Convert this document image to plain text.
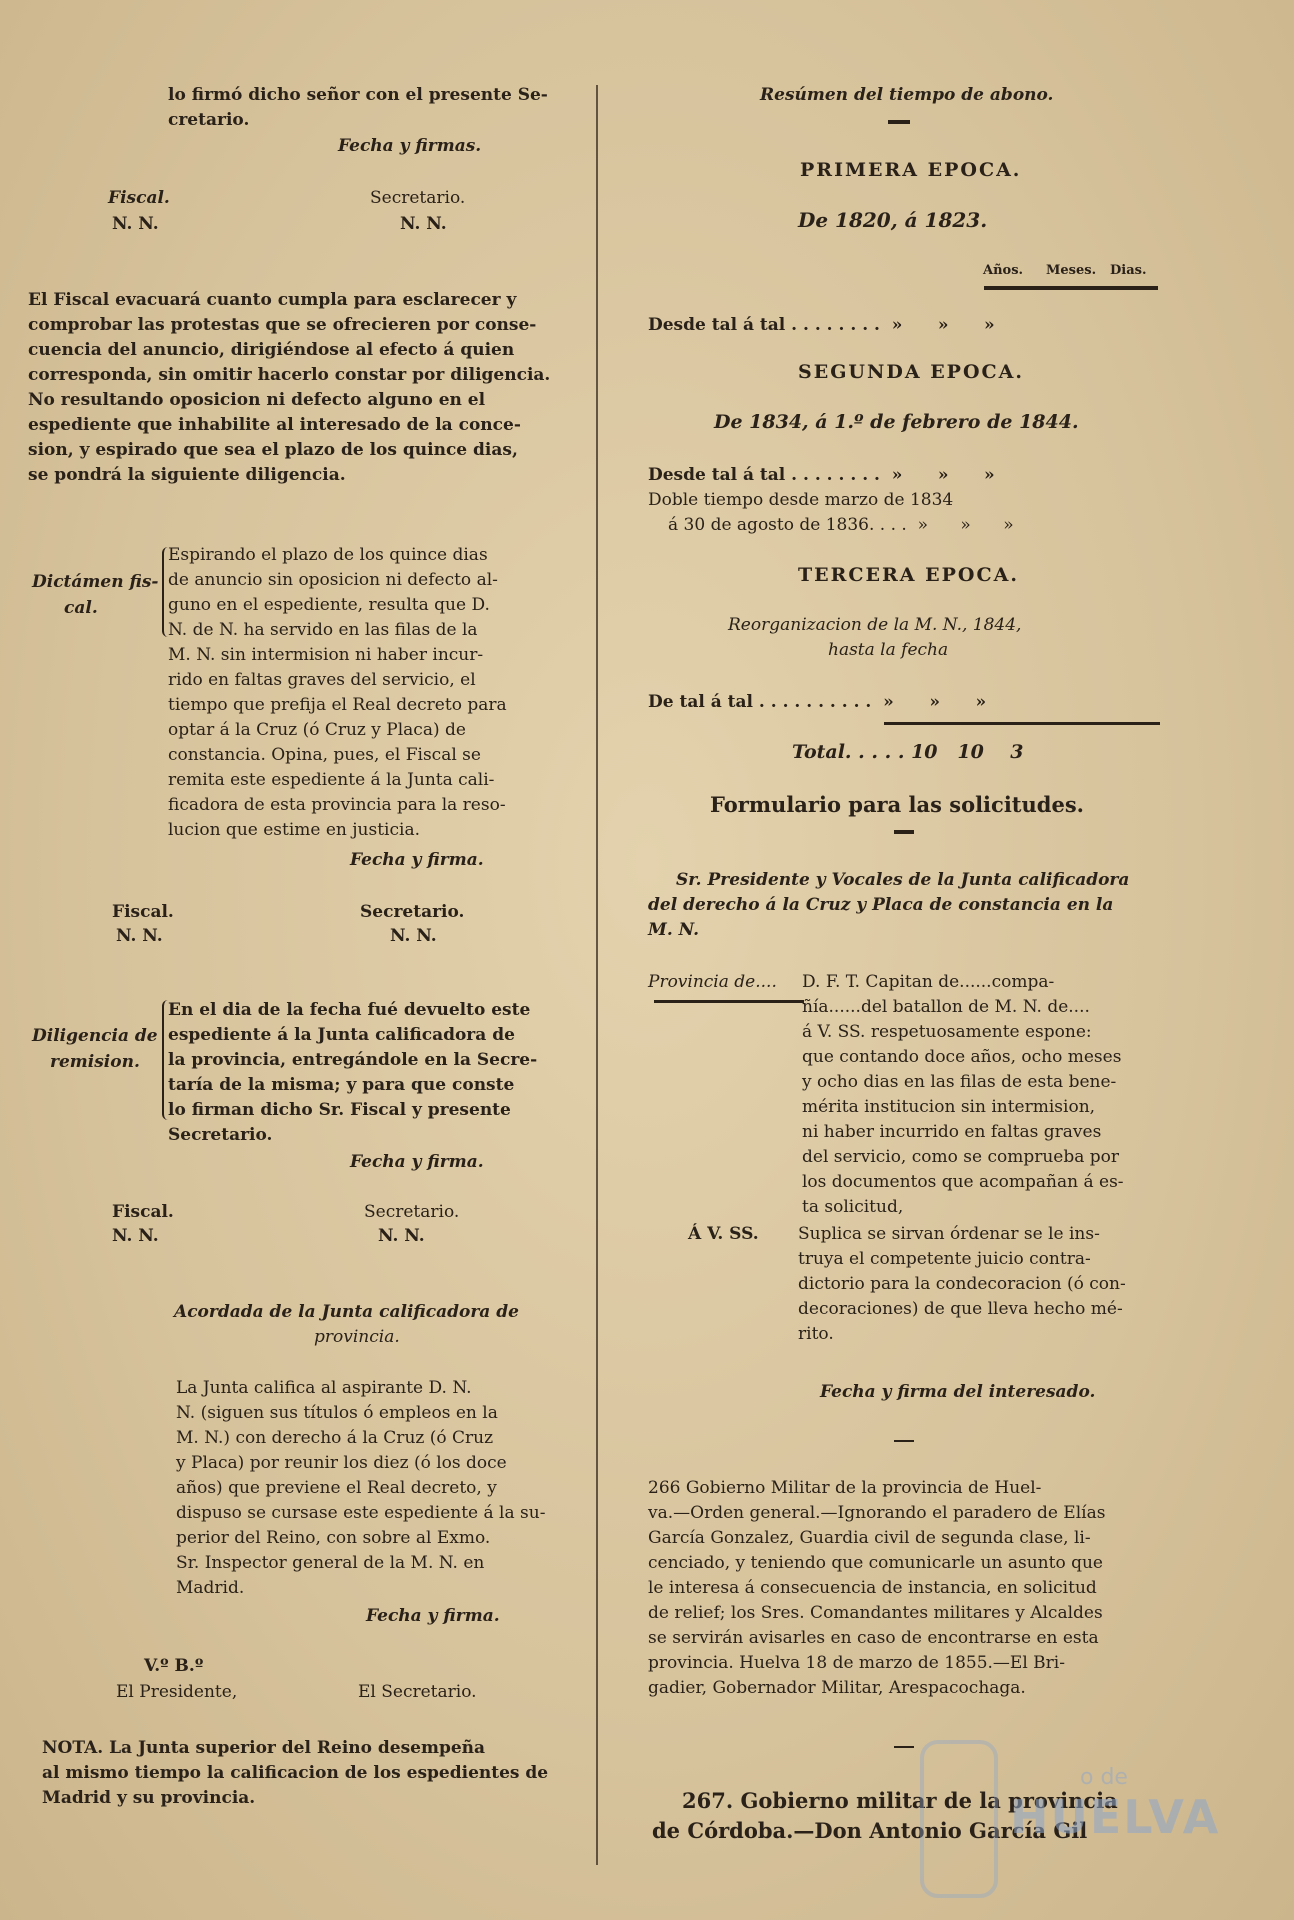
lo firmó dicho señor con el presente Se-
cretario.
Fecha y firmas.
Fiscal.
N. N.
Secretario.
N. N.
El Fiscal evacuará cuanto cumpla para esclarecer y
comprobar las protestas que se ofrecieren por conse-
cuencia del anuncio, dirigiéndose al efecto á quien
corresponda, sin omitir hacerlo constar por diligencia.
No resultando oposicion ni defecto alguno en el
espediente que inhabilite al interesado de la conce-
sion, y espirado que sea el plazo de los quince dias,
se pondrá la siguiente diligencia.
Dictámen fis-
cal.
Espirando el plazo de los quince dias
de anuncio sin oposicion ni defecto al-
guno en el espediente, resulta que D.
N. de N. ha servido en las filas de la
M. N. sin intermision ni haber incur-
rido en faltas graves del servicio, el
tiempo que prefija el Real decreto para
optar á la Cruz (ó Cruz y Placa) de
constancia. Opina, pues, el Fiscal se
remita este espediente á la Junta cali-
ficadora de esta provincia para la reso-
lucion que estime en justicia.
Fecha y firma.
Fiscal.
N. N.
Secretario.
N. N.
Diligencia de
remision.
En el dia de la fecha fué devuelto este
espediente á la Junta calificadora de
la provincia, entregándole en la Secre-
taría de la misma; y para que conste
lo firman dicho Sr. Fiscal y presente
Secretario.
Fecha y firma.
Fiscal.
N. N.
Secretario.
N. N.
Acordada de la Junta calificadora de
provincia.
La Junta califica al aspirante D. N.
N. (siguen sus títulos ó empleos en la
M. N.) con derecho á la Cruz (ó Cruz
y Placa) por reunir los diez (ó los doce
años) que previene el Real decreto, y
dispuso se cursase este espediente á la su-
perior del Reino, con sobre al Exmo.
Sr. Inspector general de la M. N. en
Madrid.
Fecha y firma.
V.º B.º
El Presidente,	El Secretario.
NOTA. La Junta superior del Reino desempeña
al mismo tiempo la calificacion de los espedientes de
Madrid y su provincia.
Resúmen del tiempo de abono.
PRIMERA EPOCA.
De 1820, á 1823.
Años. Meses. Dias.
Desde tal á tal . . . . . . . .  »      »      »
SEGUNDA EPOCA.
De 1834, á 1.º de febrero de 1844.
Desde tal á tal . . . . . . . .  »      »      »
Doble tiempo desde marzo de 1834
á 30 de agosto de 1836. . . .  »      »      »
TERCERA EPOCA.
Reorganizacion de la M. N., 1844,
hasta la fecha
De tal á tal . . . . . . . . . .  »      »      »
Total. . . . . 10   10    3
Formulario para las solicitudes.
Sr. Presidente y Vocales de la Junta calificadora
del derecho á la Cruz y Placa de constancia en la
M. N.
Provincia de.... D. F. T. Capitan de......compa-
ñía......del batallon de M. N. de....
á V. SS. respetuosamente espone:
que contando doce años, ocho meses
y ocho dias en las filas de esta bene-
mérita institucion sin intermision,
ni haber incurrido en faltas graves
del servicio, como se comprueba por
los documentos que acompañan á es-
ta solicitud,
Á V. SS. Suplica se sirvan órdenar se le ins-
truya el competente juicio contra-
dictorio para la condecoracion (ó con-
decoraciones) de que lleva hecho mé-
rito.
Fecha y firma del interesado.
266 Gobierno Militar de la provincia de Huel-
va.—Orden general.—Ignorando el paradero de Elías
García Gonzalez, Guardia civil de segunda clase, li-
cenciado, y teniendo que comunicarle un asunto que
le interesa á consecuencia de instancia, en solicitud
de relief; los Sres. Comandantes militares y Alcaldes
se servirán avisarles en caso de encontrarse en esta
provincia. Huelva 18 de marzo de 1855.—El Bri-
gadier, Gobernador Militar, Arespacochaga.
267. Gobierno militar de la provincia
de Córdoba.—Don Antonio García Gil
o de
HUELVA
